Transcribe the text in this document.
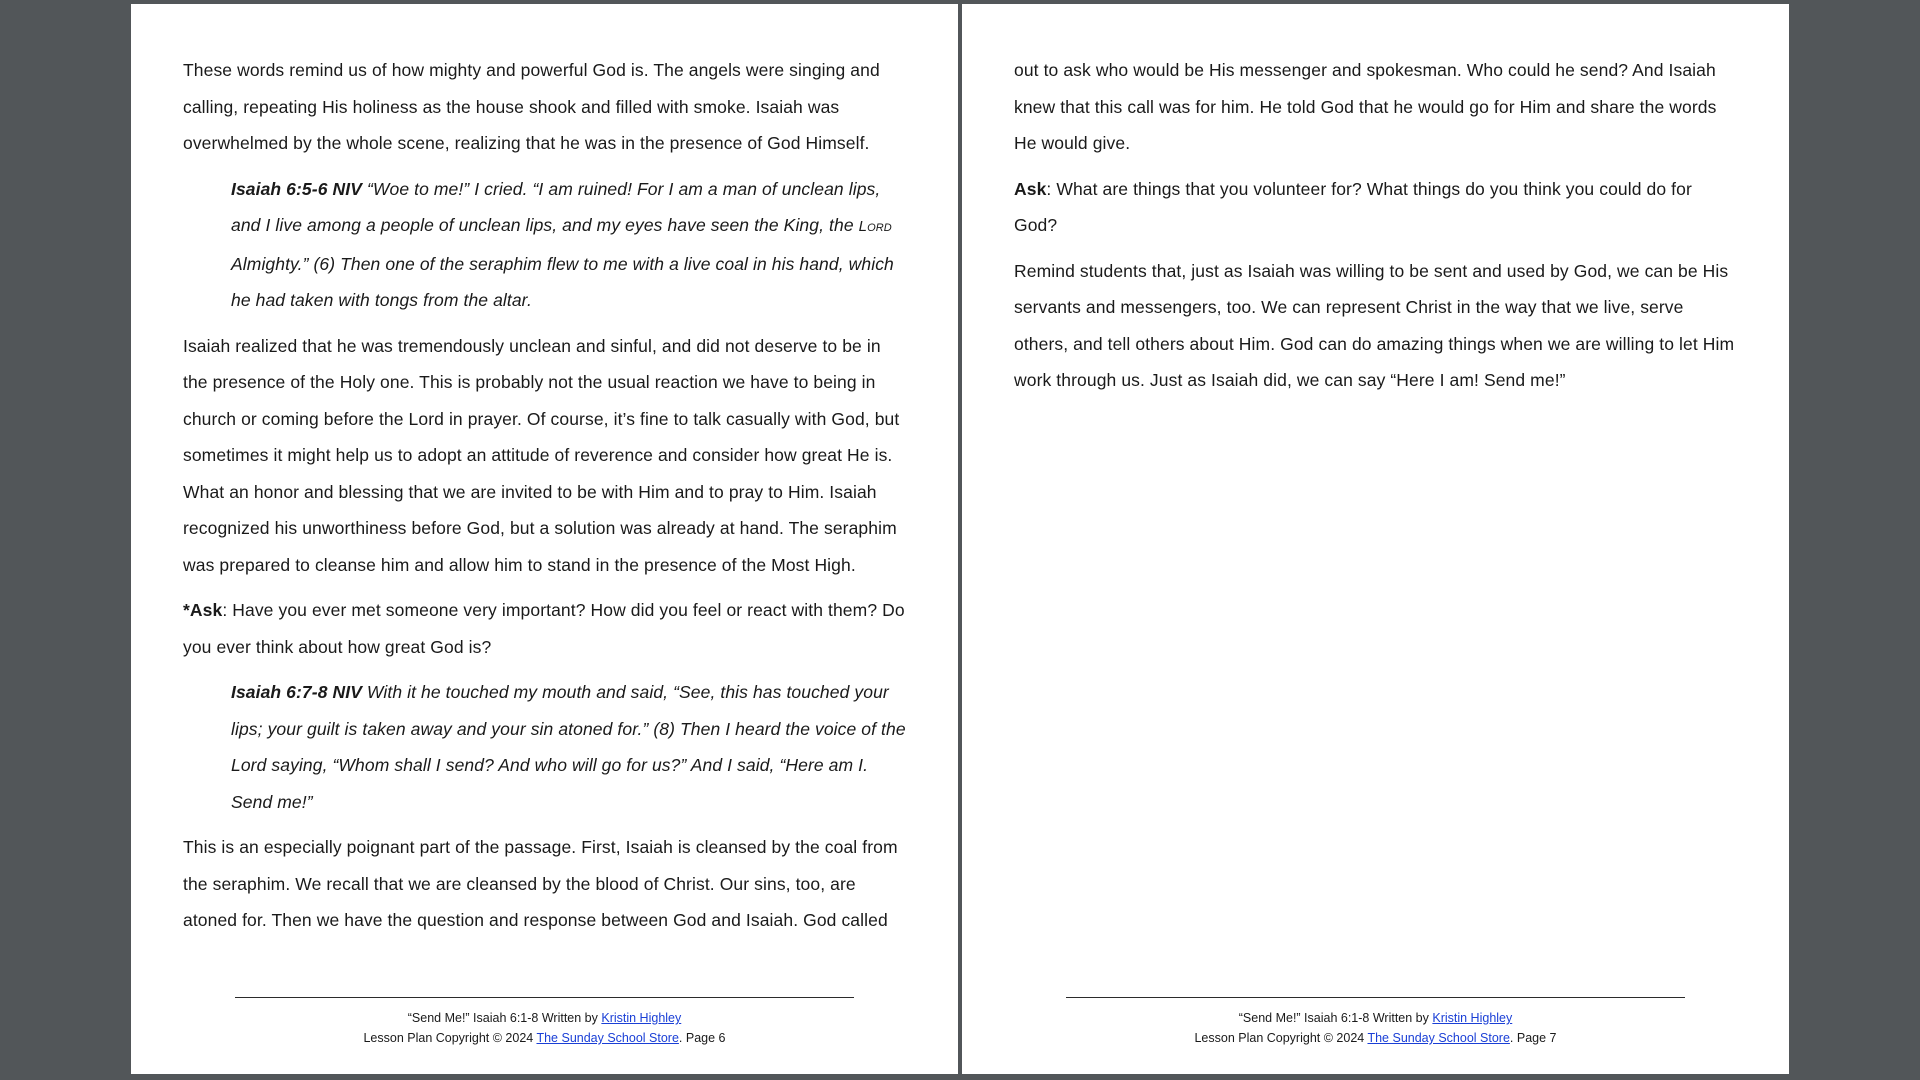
These words remind us of how mighty and powerful God is. The angels were singing and calling, repeating His holiness as the house shook and filled with smoke. Isaiah was overwhelmed by the whole scene, realizing that he was in the presence of God Himself.

Isaiah 6:5-6 NIV “Woe to me!” I cried. “I am ruined! For I am a man of unclean lips, and I live among a people of unclean lips, and my eyes have seen the King, the Lord Almighty.” (6) Then one of the seraphim flew to me with a live coal in his hand, which he had taken with tongs from the altar.

Isaiah realized that he was tremendously unclean and sinful, and did not deserve to be in the presence of the Holy one. This is probably not the usual reaction we have to being in church or coming before the Lord in prayer. Of course, it’s fine to talk casually with God, but sometimes it might help us to adopt an attitude of reverence and consider how great He is. What an honor and blessing that we are invited to be with Him and to pray to Him. Isaiah recognized his unworthiness before God, but a solution was already at hand. The seraphim was prepared to cleanse him and allow him to stand in the presence of the Most High.

*Ask: Have you ever met someone very important? How did you feel or react with them? Do you ever think about how great God is?

Isaiah 6:7-8 NIV With it he touched my mouth and said, “See, this has touched your lips; your guilt is taken away and your sin atoned for.” (8) Then I heard the voice of the Lord saying, “Whom shall I send? And who will go for us?” And I said, “Here am I. Send me!”

This is an especially poignant part of the passage. First, Isaiah is cleansed by the coal from the seraphim. We recall that we are cleansed by the blood of Christ. Our sins, too, are atoned for. Then we have the question and response between God and Isaiah. God called

“Send Me!” Isaiah 6:1-8 Written by Kristin Highley
Lesson Plan Copyright © 2024 The Sunday School Store. Page 6

out to ask who would be His messenger and spokesman. Who could he send? And Isaiah knew that this call was for him. He told God that he would go for Him and share the words He would give.

Ask: What are things that you volunteer for? What things do you think you could do for God?

Remind students that, just as Isaiah was willing to be sent and used by God, we can be His servants and messengers, too. We can represent Christ in the way that we live, serve others, and tell others about Him. God can do amazing things when we are willing to let Him work through us. Just as Isaiah did, we can say “Here I am! Send me!”

“Send Me!” Isaiah 6:1-8 Written by Kristin Highley
Lesson Plan Copyright © 2024 The Sunday School Store. Page 7
